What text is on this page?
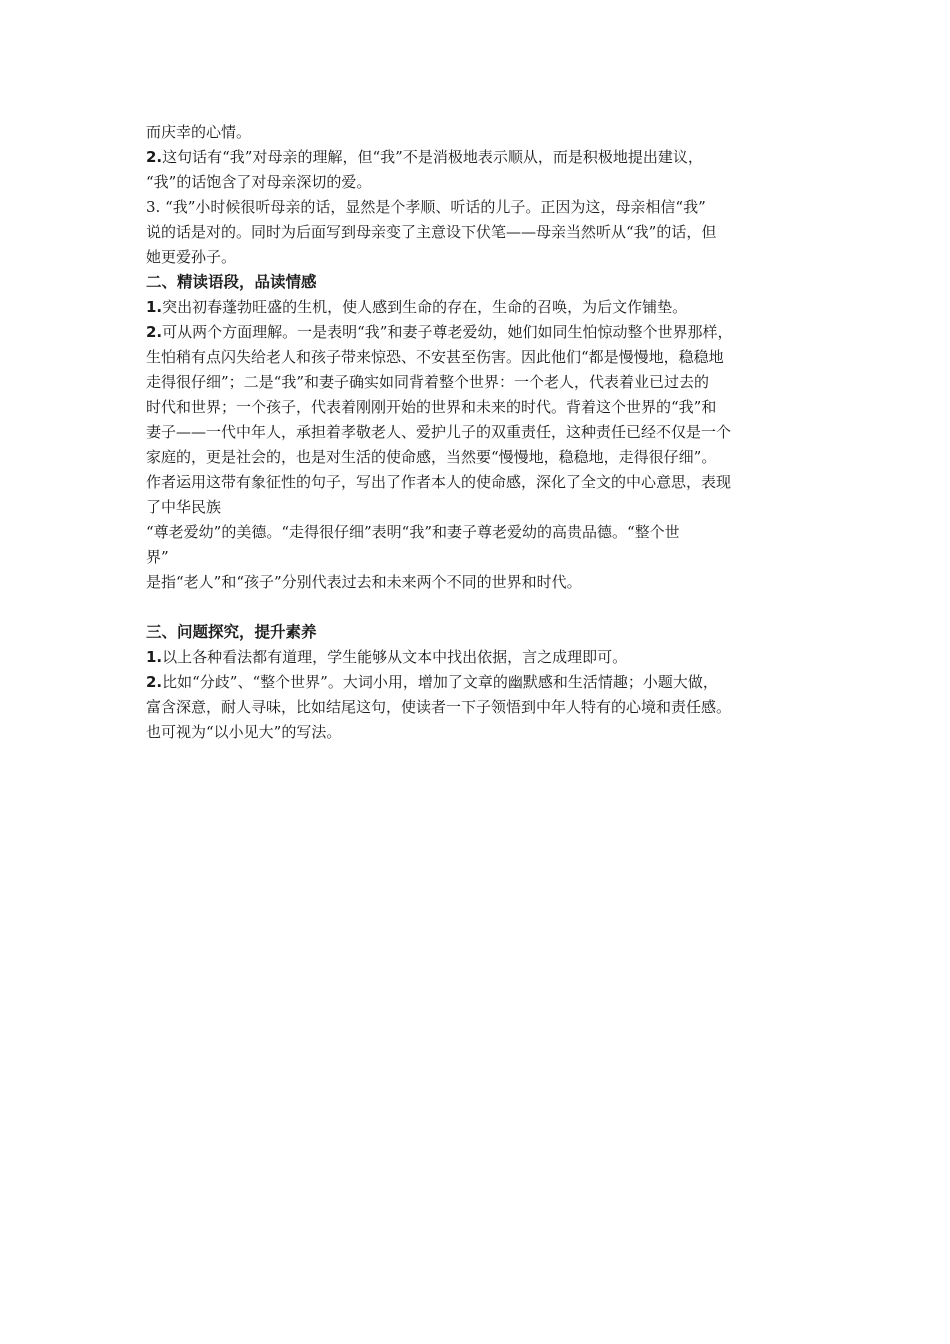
而庆幸的心情。
2.这句话有“我”对母亲的理解，但“我”不是消极地表示顺从，而是积极地提出建议，
“我”的话饱含了对母亲深切的爱。
3. “我”小时候很听母亲的话，显然是个孝顺、听话的儿子。正因为这，母亲相信“我”
说的话是对的。同时为后面写到母亲变了主意设下伏笔——母亲当然听从“我”的话，但
她更爱孙子。
二、精读语段，品读情感
1.突出初春蓬勃旺盛的生机，使人感到生命的存在，生命的召唤，为后文作铺垫。
2.可从两个方面理解。一是表明“我”和妻子尊老爱幼，她们如同生怕惊动整个世界那样，
生怕稍有点闪失给老人和孩子带来惊恐、不安甚至伤害。因此他们“都是慢慢地，稳稳地
走得很仔细”；二是“我”和妻子确实如同背着整个世界：一个老人，代表着业已过去的
时代和世界；一个孩子，代表着刚刚开始的世界和未来的时代。背着这个世界的“我”和
妻子——一代中年人，承担着孝敬老人、爱护儿子的双重责任，这种责任已经不仅是一个
家庭的，更是社会的，也是对生活的使命感，当然要“慢慢地，稳稳地，走得很仔细”。
作者运用这带有象征性的句子，写出了作者本人的使命感，深化了全文的中心意思，表现
了中华民族
“尊老爱幼”的美德。“走得很仔细”表明“我”和妻子尊老爱幼的高贵品德。“整个世
界”
是指“老人”和“孩子”分别代表过去和未来两个不同的世界和时代。
三、问题探究，提升素养
1.以上各种看法都有道理，学生能够从文本中找出依据，言之成理即可。
2.比如“分歧”、“整个世界”。大词小用，增加了文章的幽默感和生活情趣；小题大做，
富含深意，耐人寻味，比如结尾这句，使读者一下子领悟到中年人特有的心境和责任感。
也可视为“以小见大”的写法。
